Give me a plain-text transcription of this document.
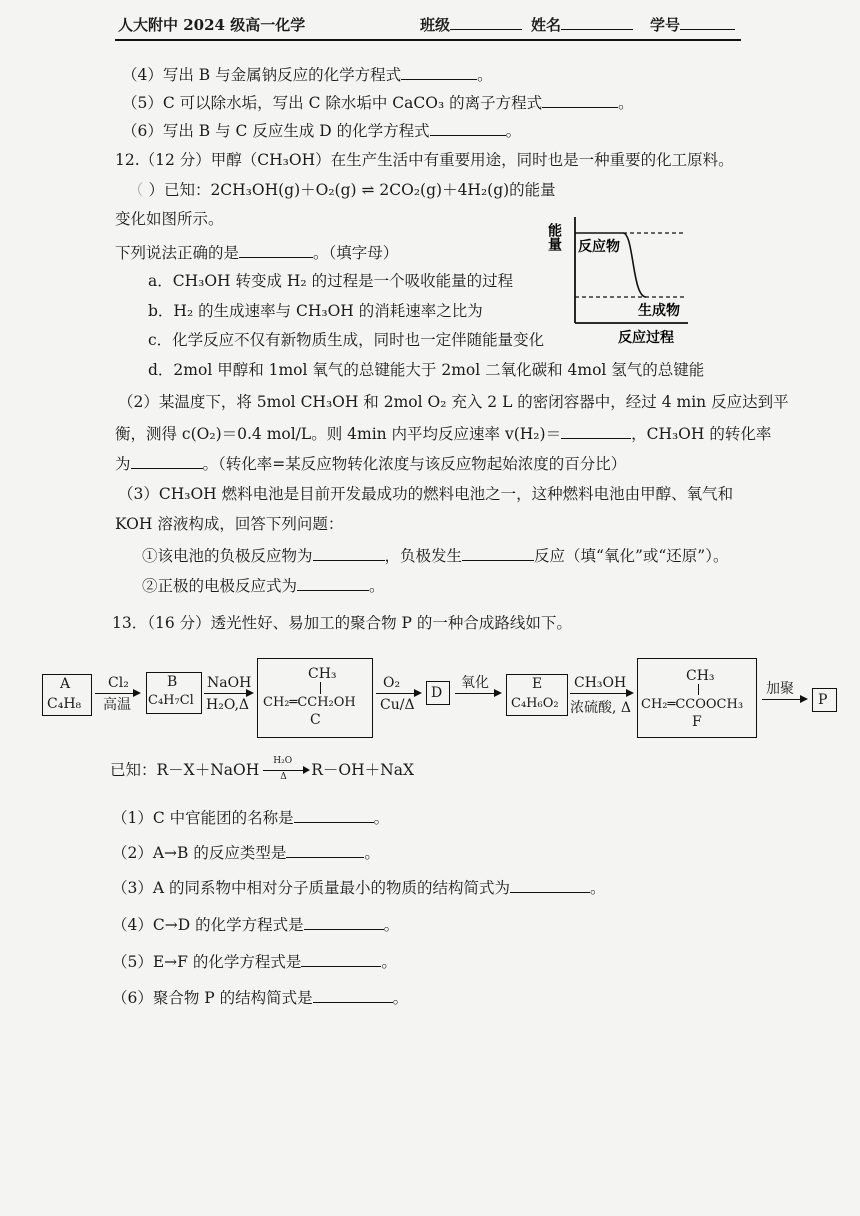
人大附中 2024 级高一化学	班级	姓名	学号
（4）写出 B 与金属钠反应的化学方程式	。
（5）C 可以除水垢，写出 C 除水垢中 CaCO₃ 的离子方程式	。
（6）写出 B 与 C 反应生成 D 的化学方程式	。
12.（12 分）甲醇（CH₃OH）在生产生活中有重要用途，同时也是一种重要的化工原料。
（ ）已知：2CH₃OH(g)＋O₂(g) ⇌ 2CO₂(g)＋4H₂(g)的能量
变化如图所示。
下列说法正确的是	。（填字母）
a．CH₃OH 转变成 H₂ 的过程是一个吸收能量的过程
b．H₂ 的生成速率与 CH₃OH 的消耗速率之比为
c．化学反应不仅有新物质生成，同时也一定伴随能量变化
d．2mol 甲醇和 1mol 氧气的总键能大于 2mol 二氧化碳和 4mol 氢气的总键能
能量 反应物
生成物
反应过程
（2）某温度下，将 5mol CH₃OH 和 2mol O₂ 充入 2 L 的密闭容器中，经过 4 min 反应达到平
衡，测得 c(O₂)＝0.4 mol/L。则 4min 内平均反应速率 v(H₂)＝	，CH₃OH 的转化率
为	。（转化率=某反应物转化浓度与该反应物起始浓度的百分比）
（3）CH₃OH 燃料电池是目前开发最成功的燃料电池之一，这种燃料电池由甲醇、氧气和
KOH 溶液构成，回答下列问题：
①该电池的负极反应物为	，负极发生	反应（填“氧化”或“还原”）。
②正极的电极反应式为	。
13．（16 分）透光性好、易加工的聚合物 P 的一种合成路线如下。
A
C₄H₈
Cl₂
高温
B
C₄H₇Cl
NaOH
H₂O,Δ
CH₃
CH₂═CCH₂OH
C
O₂
Cu/Δ
D
氧化	E
C₄H₆O₂
CH₃OH
浓硫酸, Δ
CH₃
CH₂═CCOOCH₃
F
加聚
P
已知：R－X＋NaOH $\frac{\text{H₂O}}{\Delta} R-OH+NaX$
（1）C 中官能团的名称是	。
（2）A→B 的反应类型是	。
（3）A 的同系物中相对分子质量最小的物质的结构简式为	。
（4）C→D 的化学方程式是	。
（5）E→F 的化学方程式是	。
（6）聚合物 P 的结构简式是	。
